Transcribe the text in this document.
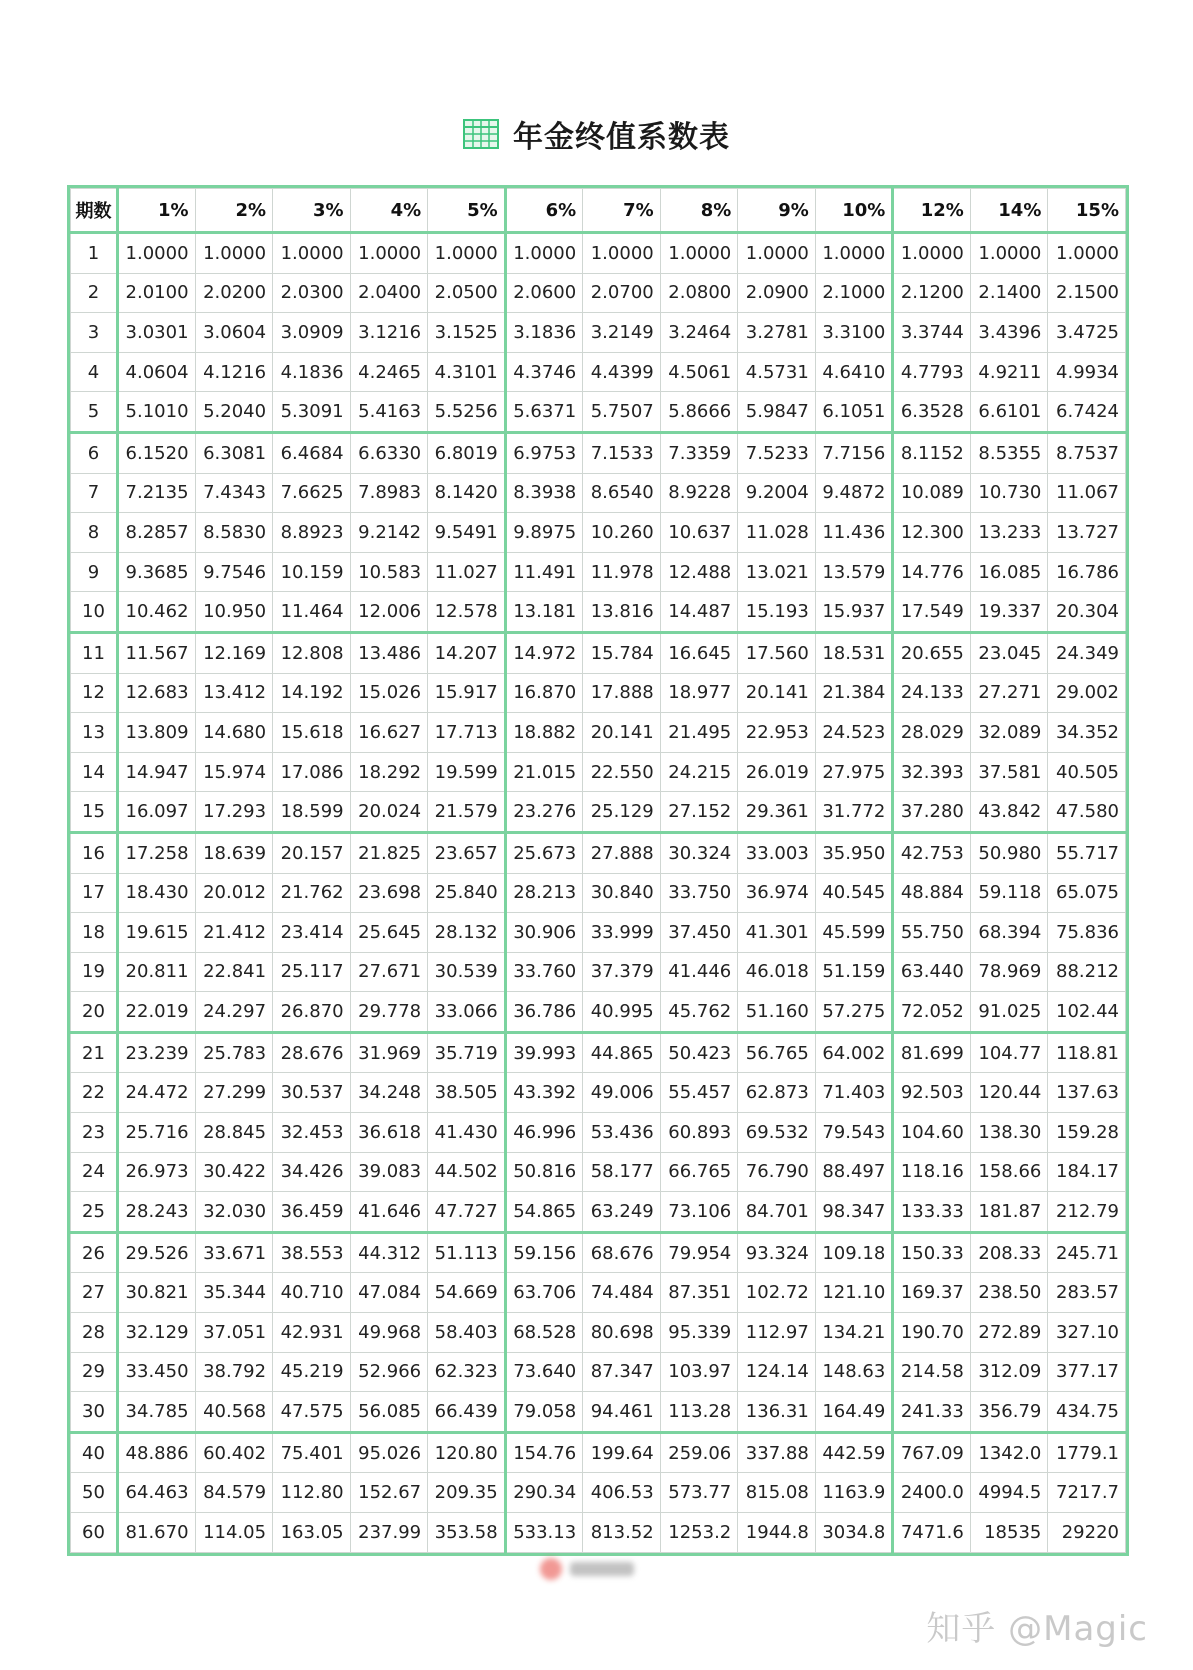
年金终值系数表
期数	1%	2%	3%	4%	5%	6%	7%	8%	9%	10%	12%	14%	15%
1	1.0000	1.0000	1.0000	1.0000	1.0000	1.0000	1.0000	1.0000	1.0000	1.0000	1.0000	1.0000	1.0000
2	2.0100	2.0200	2.0300	2.0400	2.0500	2.0600	2.0700	2.0800	2.0900	2.1000	2.1200	2.1400	2.1500
3	3.0301	3.0604	3.0909	3.1216	3.1525	3.1836	3.2149	3.2464	3.2781	3.3100	3.3744	3.4396	3.4725
4	4.0604	4.1216	4.1836	4.2465	4.3101	4.3746	4.4399	4.5061	4.5731	4.6410	4.7793	4.9211	4.9934
5	5.1010	5.2040	5.3091	5.4163	5.5256	5.6371	5.7507	5.8666	5.9847	6.1051	6.3528	6.6101	6.7424
6	6.1520	6.3081	6.4684	6.6330	6.8019	6.9753	7.1533	7.3359	7.5233	7.7156	8.1152	8.5355	8.7537
7	7.2135	7.4343	7.6625	7.8983	8.1420	8.3938	8.6540	8.9228	9.2004	9.4872	10.089	10.730	11.067
8	8.2857	8.5830	8.8923	9.2142	9.5491	9.8975	10.260	10.637	11.028	11.436	12.300	13.233	13.727
9	9.3685	9.7546	10.159	10.583	11.027	11.491	11.978	12.488	13.021	13.579	14.776	16.085	16.786
10	10.462	10.950	11.464	12.006	12.578	13.181	13.816	14.487	15.193	15.937	17.549	19.337	20.304
11	11.567	12.169	12.808	13.486	14.207	14.972	15.784	16.645	17.560	18.531	20.655	23.045	24.349
12	12.683	13.412	14.192	15.026	15.917	16.870	17.888	18.977	20.141	21.384	24.133	27.271	29.002
13	13.809	14.680	15.618	16.627	17.713	18.882	20.141	21.495	22.953	24.523	28.029	32.089	34.352
14	14.947	15.974	17.086	18.292	19.599	21.015	22.550	24.215	26.019	27.975	32.393	37.581	40.505
15	16.097	17.293	18.599	20.024	21.579	23.276	25.129	27.152	29.361	31.772	37.280	43.842	47.580
16	17.258	18.639	20.157	21.825	23.657	25.673	27.888	30.324	33.003	35.950	42.753	50.980	55.717
17	18.430	20.012	21.762	23.698	25.840	28.213	30.840	33.750	36.974	40.545	48.884	59.118	65.075
18	19.615	21.412	23.414	25.645	28.132	30.906	33.999	37.450	41.301	45.599	55.750	68.394	75.836
19	20.811	22.841	25.117	27.671	30.539	33.760	37.379	41.446	46.018	51.159	63.440	78.969	88.212
20	22.019	24.297	26.870	29.778	33.066	36.786	40.995	45.762	51.160	57.275	72.052	91.025	102.44
21	23.239	25.783	28.676	31.969	35.719	39.993	44.865	50.423	56.765	64.002	81.699	104.77	118.81
22	24.472	27.299	30.537	34.248	38.505	43.392	49.006	55.457	62.873	71.403	92.503	120.44	137.63
23	25.716	28.845	32.453	36.618	41.430	46.996	53.436	60.893	69.532	79.543	104.60	138.30	159.28
24	26.973	30.422	34.426	39.083	44.502	50.816	58.177	66.765	76.790	88.497	118.16	158.66	184.17
25	28.243	32.030	36.459	41.646	47.727	54.865	63.249	73.106	84.701	98.347	133.33	181.87	212.79
26	29.526	33.671	38.553	44.312	51.113	59.156	68.676	79.954	93.324	109.18	150.33	208.33	245.71
27	30.821	35.344	40.710	47.084	54.669	63.706	74.484	87.351	102.72	121.10	169.37	238.50	283.57
28	32.129	37.051	42.931	49.968	58.403	68.528	80.698	95.339	112.97	134.21	190.70	272.89	327.10
29	33.450	38.792	45.219	52.966	62.323	73.640	87.347	103.97	124.14	148.63	214.58	312.09	377.17
30	34.785	40.568	47.575	56.085	66.439	79.058	94.461	113.28	136.31	164.49	241.33	356.79	434.75
40	48.886	60.402	75.401	95.026	120.80	154.76	199.64	259.06	337.88	442.59	767.09	1342.0	1779.1
50	64.463	84.579	112.80	152.67	209.35	290.34	406.53	573.77	815.08	1163.9	2400.0	4994.5	7217.7
60	81.670	114.05	163.05	237.99	353.58	533.13	813.52	1253.2	1944.8	3034.8	7471.6	18535	29220
知乎 @Magic
